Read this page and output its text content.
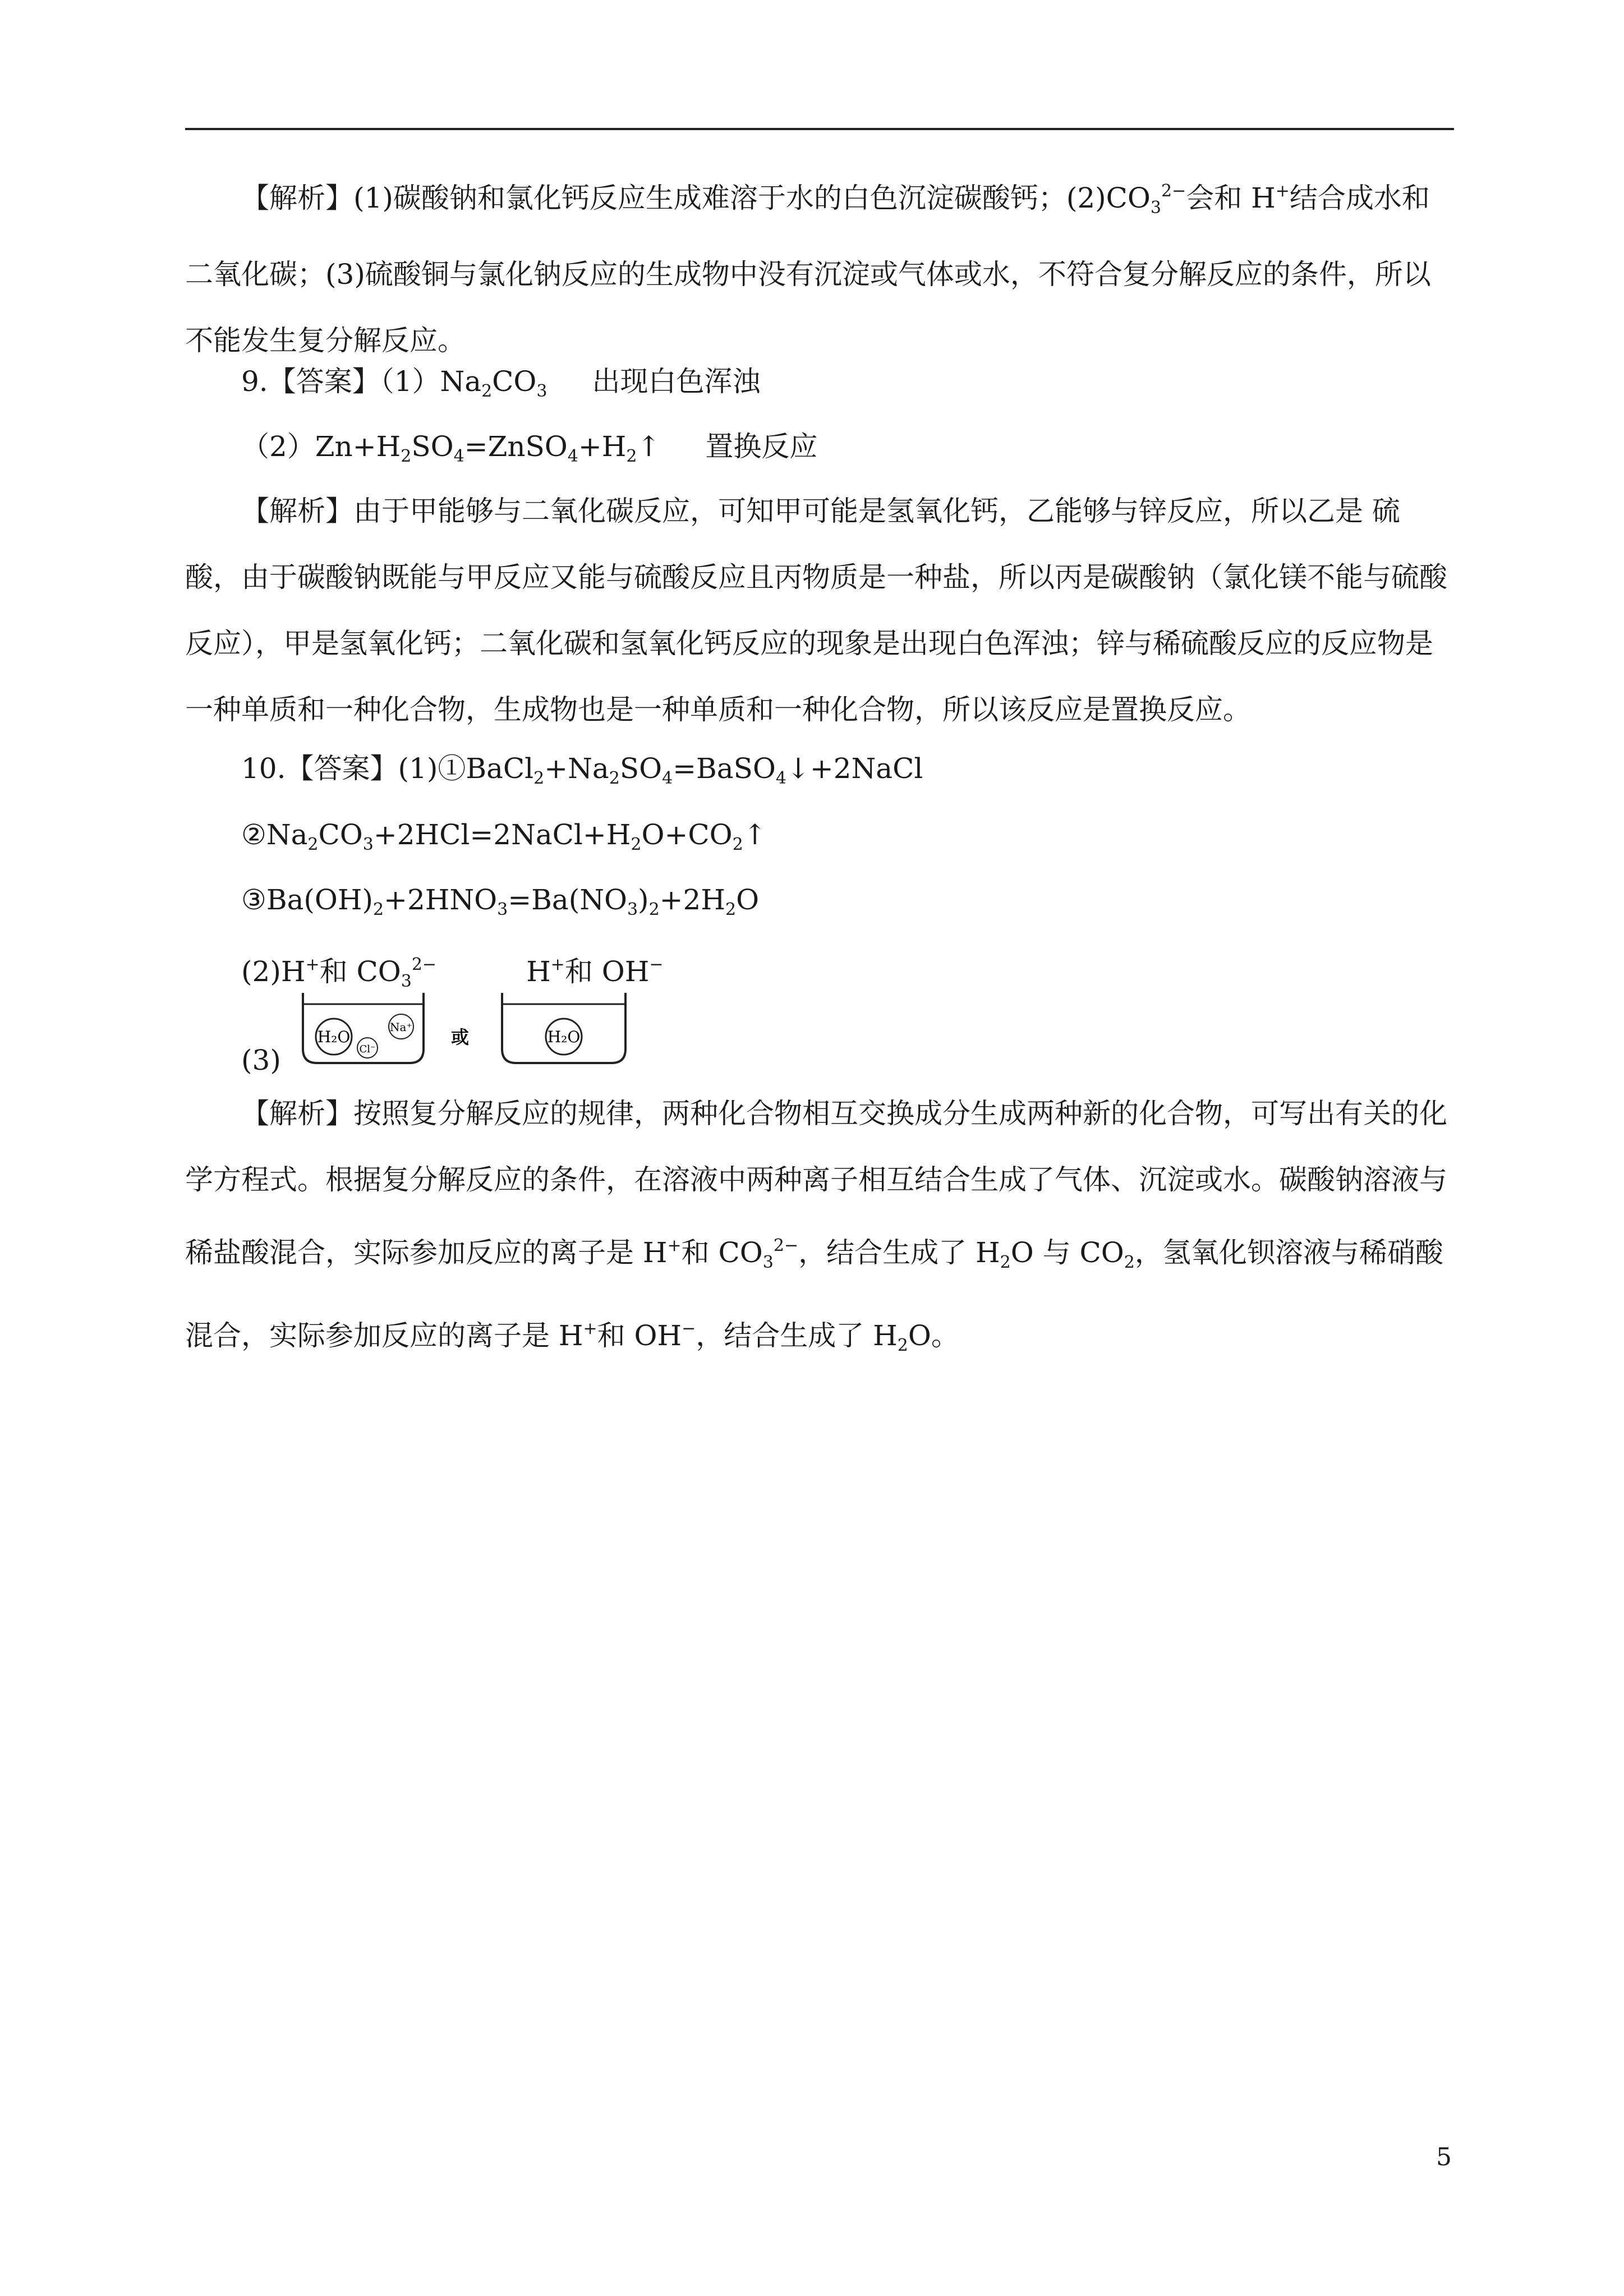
【解析】(1)碳酸钠和氯化钙反应生成难溶于水的白色沉淀碳酸钙；$(2)CO_3^{2-}$会和 H+结合成水和二氧化碳；(3)硫酸铜与氯化钠反应的生成物中没有沉淀或气体或水，不符合复分解反应的条件，所以不能发生复分解反应。
9.【答案】$(1)Na_2CO_3$ 出现白色浑浊
$(2)Zn+H_2SO_4=ZnSO_4+H_2↑$ 置换反应
【解析】由于甲能够与二氧化碳反应，可知甲可能是氢氧化钙，乙能够与锌反应，所以乙是 硫酸，由于碳酸钠既能与甲反应又能与硫酸反应且丙物质是一种盐，所以丙是碳酸钠（氯化镁不能与硫酸反应），甲是氢氧化钙；二氧化碳和氢氧化钙反应的现象是出现白色浑浊；锌与稀硫酸反应的反应物是一种单质和一种化合物，生成物也是一种单质和一种化合物，所以该反应是置换反应。
10.【答案】$(1)①BaCl_2+Na_2SO_4=BaSO_4↓+2NaCl$
$②Na_2CO_3+2HCl=2NaCl+H_2O+CO_2↑$
$③Ba(OH)_2+2HNO_3=Ba(NO_3)_2+2H_2O$
(2)H+和 $CO_3^{2-}$	H+和 OH−
(3)
H₂O
Cl⁻
Na⁺ 或	H₂O
【解析】按照复分解反应的规律，两种化合物相互交换成分生成两种新的化合物，可写出有关的化学方程式。根据复分解反应的条件，在溶液中两种离子相互结合生成了气体、沉淀或水。碳酸钠溶液与稀盐酸混合，实际参加反应的离子是 H+和 $CO_3^{2-}$，结合生成了 $H_2O$ 与 $CO_2$，氢氧化钡溶液与稀硝酸混合，实际参加反应的离子是 H+和 OH−，结合生成了 $H_2O$。
5
